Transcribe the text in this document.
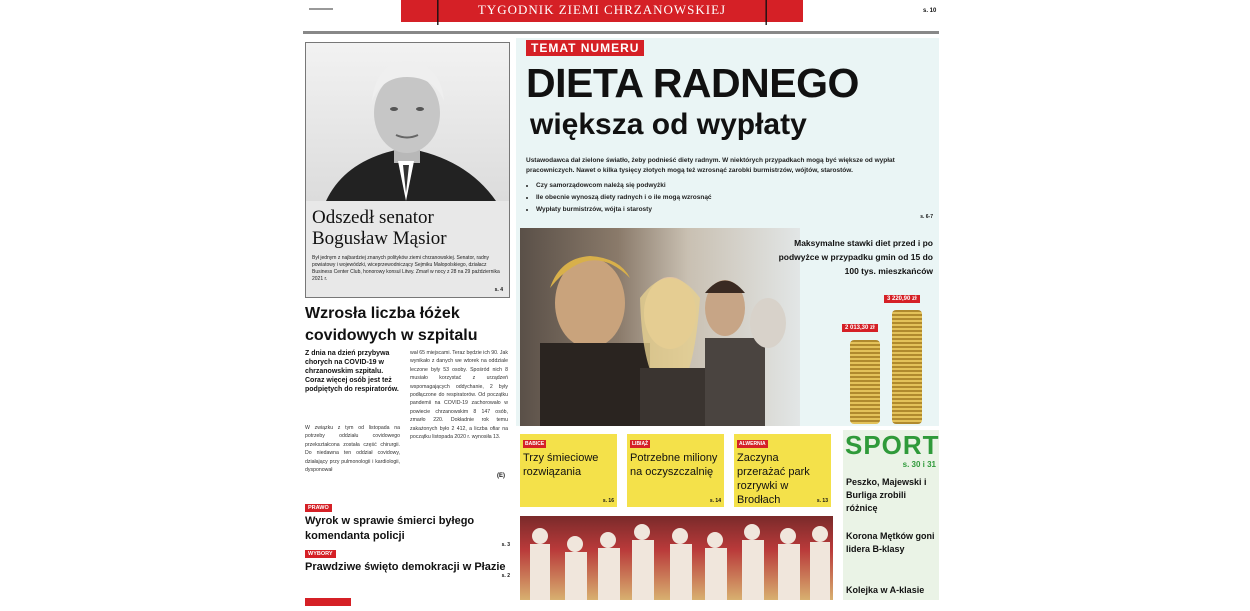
|	|
TYGODNIK ZIEMI CHRZANOWSKIEJ	s. 10
Odszedł senator
Bogusław Mąsior
Był jednym z najbardziej znanych polityków ziemi chrzanowskiej. Senator, radny powiatowy i wojewódzki, wiceprzewodniczący Sejmiku Małopolskiego, działacz Business Center Club, honorowy konsul Litwy. Zmarł w nocy z 28 na 29 października 2021 r.
s. 4
Wzrosła liczba łóżek
covidowych w szpitalu
Z dnia na dzień przybywa chorych na COVID-19 w chrzanowskim szpitalu. Coraz więcej osób jest też podpiętych do respiratorów.
W związku z tym od listopada na potrzeby oddziału covidowego przekształcona została część chirurgii. Do niedawna ten oddział covidowy, działający przy pulmonologii i kardiologii, dysponował
wał 65 miejscami. Teraz będzie ich 90. Jak wynikało z danych we wtorek na oddziale leczone były 53 osoby. Spośród nich 8 musiało korzystać z urządzeń wspomagających oddychanie, 2 były podłączone do respiratorów. Od początku pandemii na COVID-19 zachorowało w powiecie chrzanowskim 8 147 osób, zmarło 220. Dokładnie rok temu zakażonych było 2 412, a liczba ofiar na początku listopada 2020 r. wynosiła 13.
(E)
PRAWO
Wyrok w sprawie śmierci byłego komendanta policji
s. 3
WYBORY
Prawdziwe święto demokracji w Płazie
s. 2
TEMAT NUMERU
DIETA RADNEGO
większa od wypłaty
Ustawodawca dał zielone światło, żeby podnieść diety radnym. W niektórych przypadkach mogą być większe od wypłat pracowniczych. Nawet o kilka tysięcy złotych mogą też wzrosnąć zarobki burmistrzów, wójtów, starostów.
• Czy samorządowcom należą się podwyżki
• Ile obecnie wynoszą diety radnych i o ile mogą wzrosnąć
• Wypłaty burmistrzów, wójta i starosty
s. 6-7
Maksymalne stawki diet przed i po podwyżce w przypadku gmin od 15 do 100 tys. mieszkańców
2 013,30 zł
3 220,90 zł
BABICE
Trzy śmieciowe rozwiązania
s. 16
LIBIĄŻ
Potrzebne miliony na oczyszczalnię
s. 14
ALWERNIA
Zaczyna przerażać park rozrywki w Brodłach	s. 13
SPORT
s. 30 i 31
Peszko, Majewski i Burliga zrobili różnicę
Korona Mętków goni lidera B-klasy
Kolejka w A-klasie
